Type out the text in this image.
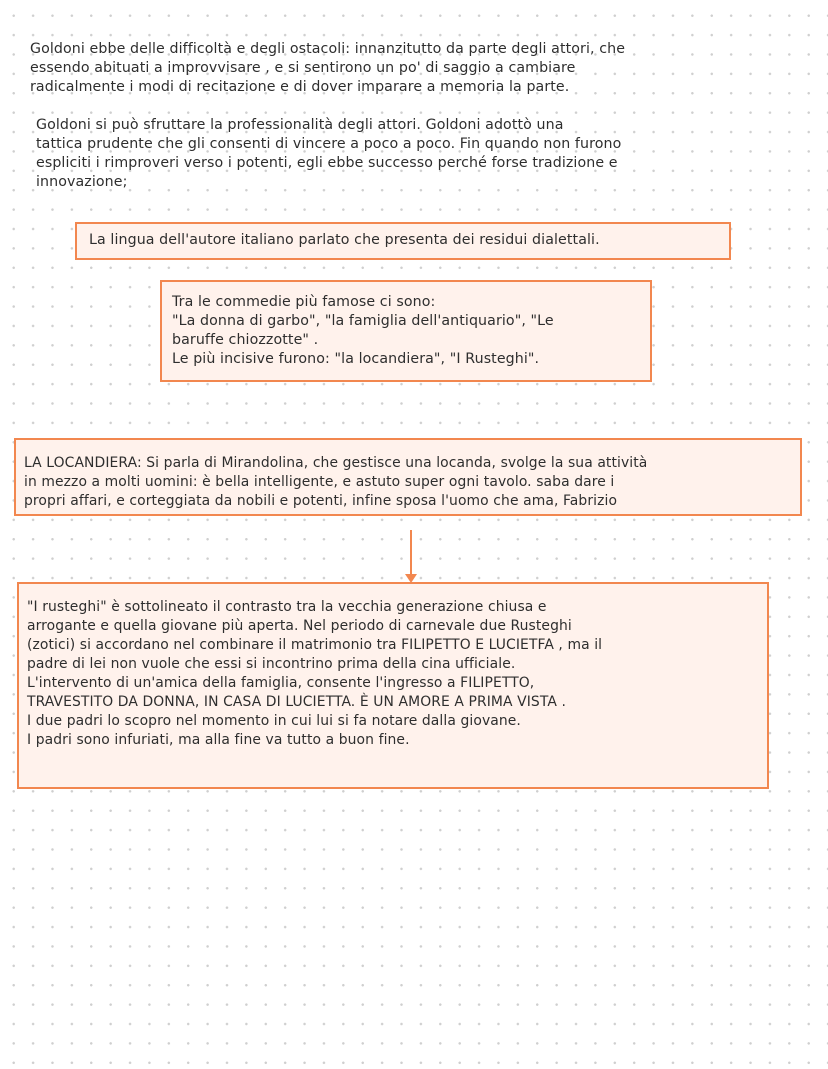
Goldoni ebbe delle difficoltà e degli ostacoli: innanzitutto da parte degli attori, che
essendo abituati a improvvisare , e si sentirono un po' di saggio a cambiare
radicalmente i modi di recitazione e di dover imparare a memoria la parte.

Goldoni si può sfruttare la professionalità degli attori. Goldoni adottò una
tattica prudente che gli consenti di vincere a poco a poco. Fin quando non furono
espliciti i rimproveri verso i potenti, egli ebbe successo perché forse tradizione e
innovazione;

La lingua dell'autore italiano parlato che presenta dei residui dialettali.

Tra le commedie più famose ci sono:
"La donna di garbo", "la famiglia dell'antiquario", "Le
baruffe chiozzotte" .
Le più incisive furono: "la locandiera", "I Rusteghi".

LA LOCANDIERA: Si parla di Mirandolina, che gestisce una locanda, svolge la sua attività
in mezzo a molti uomini: è bella intelligente, e astuto super ogni tavolo. saba dare i
propri affari, e corteggiata da nobili e potenti, infine sposa l'uomo che ama, Fabrizio

"I rusteghi" è sottolineato il contrasto tra la vecchia generazione chiusa e
arrogante e quella giovane più aperta. Nel periodo di carnevale due Rusteghi
(zotici) si accordano nel combinare il matrimonio tra FILIPETTO E LUCIETFA , ma il
padre di lei non vuole che essi si incontrino prima della cina ufficiale.
L'intervento di un'amica della famiglia, consente l'ingresso a FILIPETTO,
TRAVESTITO DA DONNA, IN CASA DI LUCIETTA. È UN AMORE A PRIMA VISTA .
I due padri lo scopro nel momento in cui lui si fa notare dalla giovane.
I padri sono infuriati, ma alla fine va tutto a buon fine.
